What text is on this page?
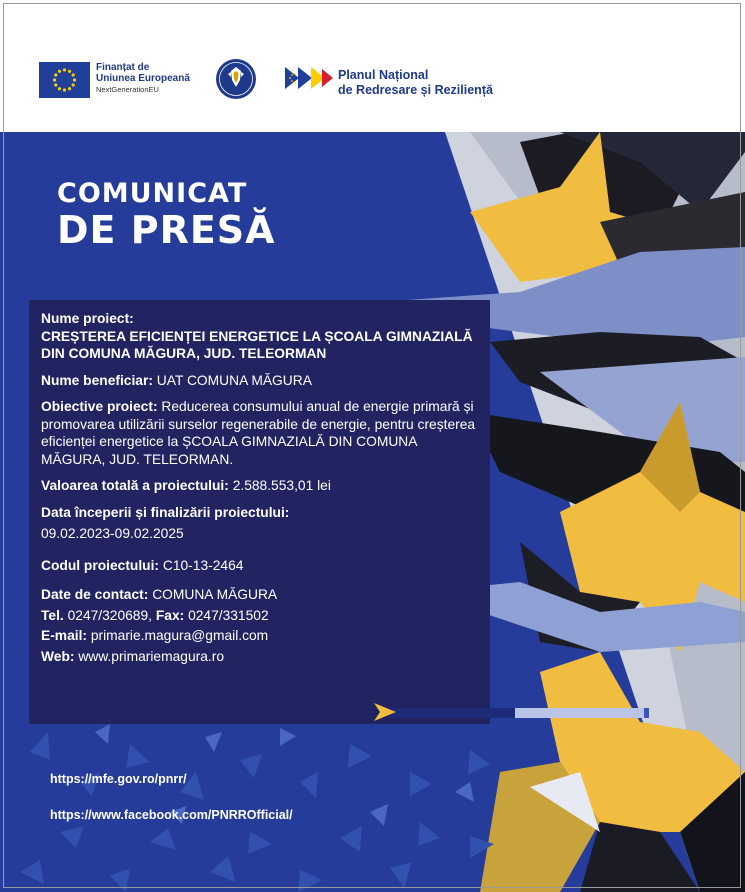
Finanțat de
Uniunea Europeană
NextGenerationEU
Planul Național
de Redresare și Reziliență
COMUNICAT
DE PRESĂ
Nume proiect:
CREȘTEREA EFICIENȚEI ENERGETICE LA ȘCOALA GIMNAZIALĂ DIN COMUNA MĂGURA, JUD. TELEORMAN
Nume beneficiar: UAT COMUNA MĂGURA
Obiective proiect: Reducerea consumului anual de energie primară și promovarea utilizării surselor regenerabile de energie, pentru creșterea eficienței energetice la ȘCOALA GIMNAZIALĂ DIN COMUNA MĂGURA, JUD. TELEORMAN.
Valoarea totală a proiectului: 2.588.553,01 lei
Data începerii și finalizării proiectului:
09.02.2023-09.02.2025
Codul proiectului: C10-13-2464
Date de contact: COMUNA MĂGURA
Tel. 0247/320689, Fax: 0247/331502
E-mail: primarie.magura@gmail.com
Web: www.primariemagura.ro
https://mfe.gov.ro/pnrr/
https://www.facebook.com/PNRROfficial/
